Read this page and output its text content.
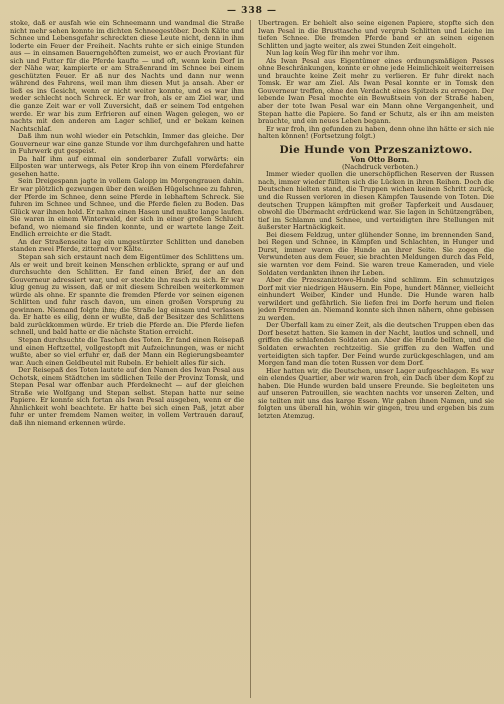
— 338 —

stoke, daß er ausfah wie ein Schneemann und wandmal die Straße nicht mehr sehen konnte im dichten Schneegestöber. Doch Kälte und Schnee und Lebensgefahr schreckten diese Leute nicht, denn in ihm loderte ein Feuer der Freiheit. Nachts ruhte er sich einige Stunden aus — in einsamen Bauerngehöften zumeist, wo er auch Proviant für sich und Futter für die Pferde kaufte — und oft, wenn kein Dorf in der Nähe war, kampierte er am Straßenrand im Schnee bei einem geschützten Feuer. Er aß nur des Nachts und dann nur wenn während des Fahrens, weil man ihm diesen Mut ja ansah. Aber er ließ es ins Gesicht, wenn er nicht weiter konnte, und es war ihm weder schlecht noch Schreck. Er war froh, als er am Ziel war, und die ganze Zeit war er voll Zuversicht, daß er seinem Tod entgehen werde. Er war bis zum Erfrieren auf einen Wagen gelegen, wo er nachts mit den anderen am Lager schlief, und er bekam keinen Nachtschlaf.

Daß ihm nun wohl wieder ein Petschkin, Immer das gleiche. Der Gouverneur war eine ganze Stunde vor ihm durchgefahren und hatte in Fuhrwerk gut gespeist.

Da half ihm auf einmal ein sonderbarer Zufall vorwärts: ein Eilposten war unterwegs, als Peter Krop ihn von einem Pferdefahrer gesehen hatte.

Sein Dreigespann jagte in vollem Galopp im Morgengrauen dahin. Er war plötzlich gezwungen über den weißen Hügelschnee zu fahren, der Pferde im Schnee, denn seine Pferde in lebhaftem Schreck. Sie fuhren im Schnee und Schnee, und die Pferde fielen zu Boden. Das Glück war ihnen hold. Er nahm einen Hasen und mußte lange laufen. Sie waren in einem Winterwald, der sich in einer großen Schlucht befand, wo niemand sie finden konnte, und er wartete lange Zeit. Endlich erreichte er die Stadt.

An der Straßenseite lag ein umgestürzter Schlitten und daneben standen zwei Pferde, zitternd vor Kälte.

Stepan sah sich erstaunt nach dem Eigentümer des Schlittens um. Als er weit und breit keinen Menschen erblickte, sprang er auf und durchsuchte den Schlitten. Er fand einen Brief, der an den Gouverneur adressiert war, und er steckte ihn rasch zu sich. Er war klug genug zu wissen, daß er mit diesem Schreiben weiterkommen würde als ohne. Er spannte die fremden Pferde vor seinen eigenen Schlitten und fuhr rasch davon, um einen großen Vorsprung zu gewinnen. Niemand folgte ihm; die Straße lag einsam und verlassen da. Er hatte es eilig, denn er wußte, daß der Besitzer des Schlittens bald zurückkommen würde. Er trieb die Pferde an. Die Pferde liefen schnell, und bald hatte er die nächste Station erreicht.

Stepan durchsuchte die Taschen des Toten. Er fand einen Reisepaß und einen Heftzettel, vollgestopft mit Aufzeichnungen, was er nicht wußte, aber so viel erfuhr er, daß der Mann ein Regierungsbeamter war. Auch einen Geldbeutel mit Rubeln. Er behielt alles für sich.

Der Reisepaß des Toten lautete auf den Namen des Iwan Pesal aus Ochotsk, einem Städtchen im südlichen Teile der Provinz Tomsk, und Stepan Pesal war offenbar auch Pferdeknecht — auf der gleichen Straße wie Wolfgang und Stepan selbst. Stepan hatte nur seine Papiere. Er konnte sich fortan als Iwan Pesal ausgeben, wenn er die Ähnlichkeit wohl beachtete. Er hatte bei sich einen Paß, jetzt aber fuhr er unter fremdem Namen weiter, in vollem Vertrauen darauf, daß ihn niemand erkennen würde.

Übertragen. Er behielt also seine eigenen Papiere, stopfte sich den Iwan Pesal in die Brusttasche und vergrub Schlitten und Leiche im tiefen Schnee. Die fremden Pferde band er an seinen eigenen Schlitten und jagte weiter, als zwei Stunden Zeit eingeholt.

Nun lag kein Weg für ihn mehr vor ihm.

Als Iwan Pesal aus Eigentümer eines ordnungsmäßigen Passes ohne Beschränkungen, konnte er ohne jede Heimlichkeit weiterreisen und brauchte keine Zeit mehr zu verlieren. Er fuhr direkt nach Tomsk. Er war am Ziel. Als Iwan Pesal konnte er in Tomsk den Gouverneur treffen, ohne den Verdacht eines Spitzels zu erregen. Der lebende Iwan Pesal mochte ein Bewußtsein von der Straße haben, aber der tote Iwan Pesal war ein Mann ohne Vergangenheit, und Stepan hatte die Papiere. So fand er Schutz, als er ihn am meisten brauchte, und ein neues Leben begann.

Er war froh, ihn gefunden zu haben, denn ohne ihn hätte er sich nie halten können! (Fortsetzung folgt.)

Die Hunde von Przeszaniztowo.

Von Otto Born.

(Nachdruck verboten.)

Immer wieder quollen die unerschöpflichen Reserven der Russen nach, immer wieder füllten sich die Lücken in ihren Reihen. Doch die Deutschen hielten stand, die Truppen wichen keinen Schritt zurück, und die Russen verloren in diesen Kämpfen Tausende von Toten. Die deutschen Truppen kämpften mit großer Tapferkeit und Ausdauer, obwohl die Übermacht erdrückend war. Sie lagen in Schützengräben, tief im Schlamm und Schnee, und verteidigten ihre Stellungen mit äußerster Hartnäckigkeit.

Bei diesem Feldzug, unter glühender Sonne, im brennenden Sand, bei Regen und Schnee, in Kämpfen und Schlachten, in Hunger und Durst, immer waren die Hunde an ihrer Seite. Sie zogen die Verwundeten aus dem Feuer, sie brachten Meldungen durch das Feld, sie warnten vor dem Feind. Sie waren treue Kameraden, und viele Soldaten verdankten ihnen ihr Leben.

Aber die Przeszaniztowo-Hunde sind schlimm. Ein schmutziges Dorf mit vier niedrigen Häusern. Ein Pope, hundert Männer, vielleicht einhundert Weiber, Kinder und Hunde. Die Hunde waren halb verwildert und gefährlich. Sie liefen frei im Dorfe herum und fielen jeden Fremden an. Niemand konnte sich ihnen nähern, ohne gebissen zu werden.

Der Überfall kam zu einer Zeit, als die deutschen Truppen eben das Dorf besetzt hatten. Sie kamen in der Nacht, lautlos und schnell, und griffen die schlafenden Soldaten an. Aber die Hunde bellten, und die Soldaten erwachten rechtzeitig. Sie griffen zu den Waffen und verteidigten sich tapfer. Der Feind wurde zurückgeschlagen, und am Morgen fand man die toten Russen vor dem Dorf.

Hier hatten wir, die Deutschen, unser Lager aufgeschlagen. Es war ein elendes Quartier, aber wir waren froh, ein Dach über dem Kopf zu haben. Die Hunde wurden bald unsere Freunde. Sie begleiteten uns auf unseren Patrouillen, sie wachten nachts vor unseren Zelten, und sie teilten mit uns das karge Essen. Wir gaben ihnen Namen, und sie folgten uns überall hin, wohin wir gingen, treu und ergeben bis zum letzten Atemzug.
